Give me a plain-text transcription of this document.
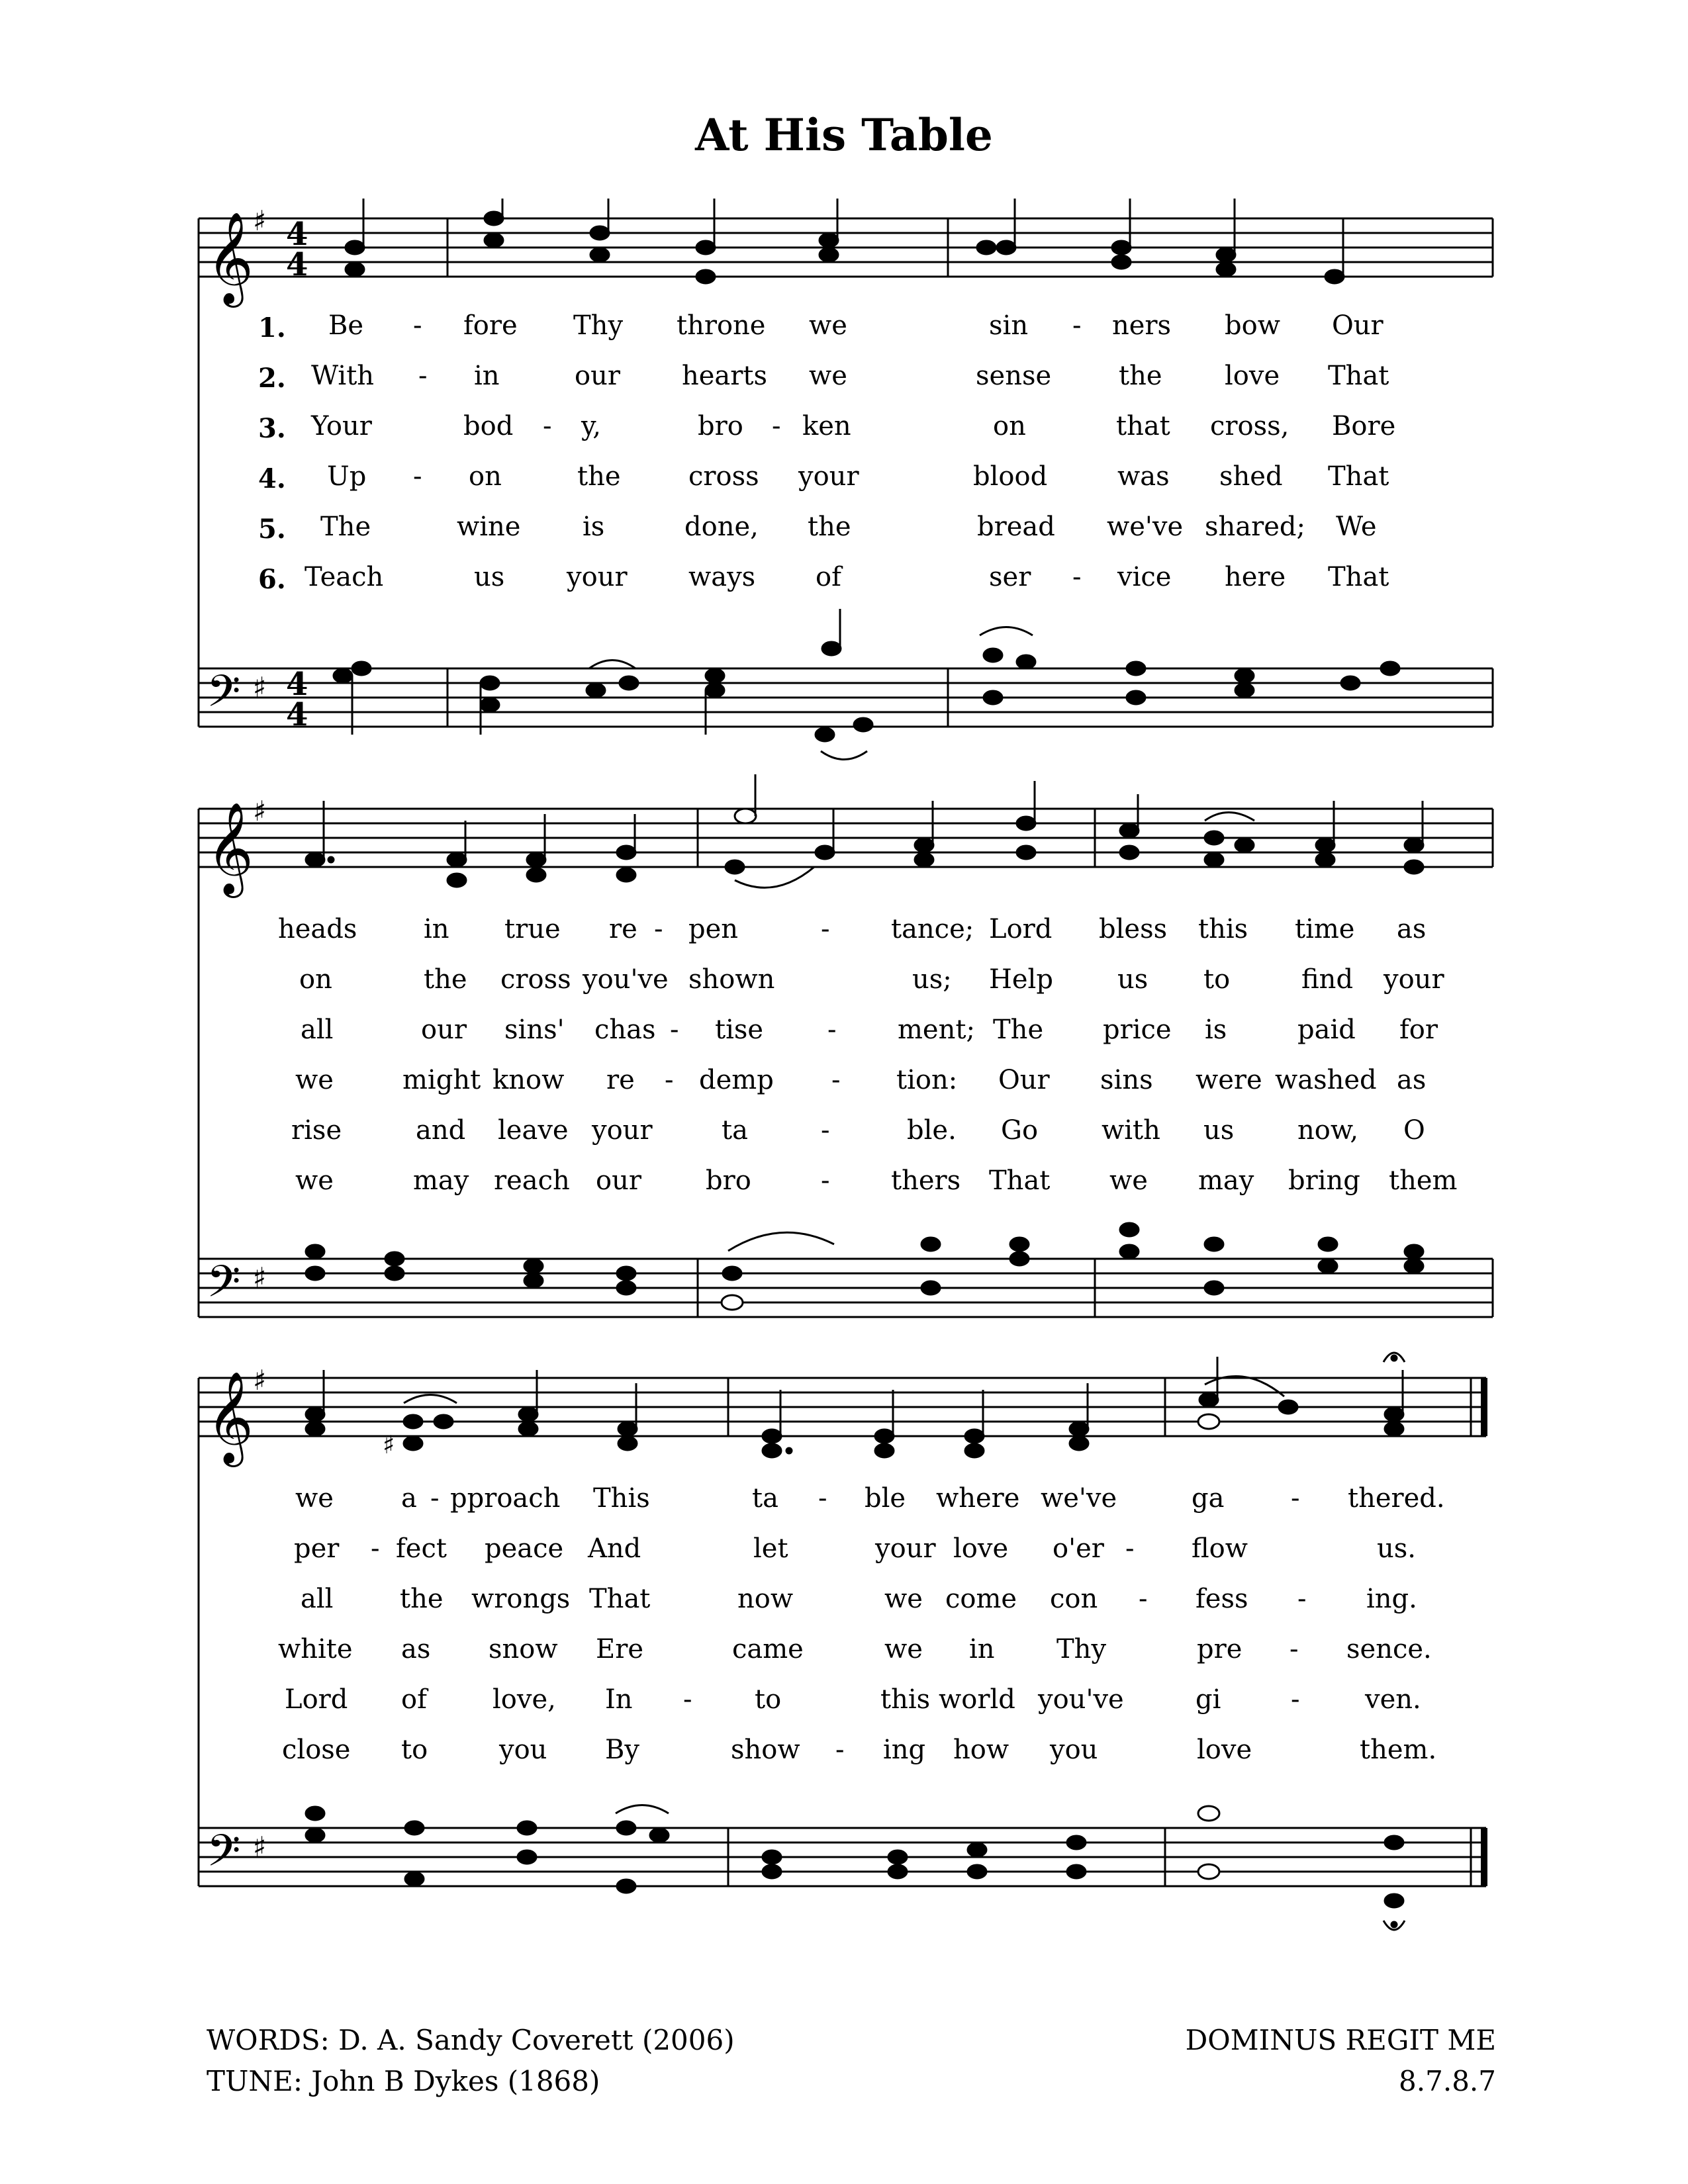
At His Table
𝄞
𝄢
♯
♯
4
4
4
4
1.
2.
3.
4.
5.
6.
Be - fore Thy throne we	sin - ners bow Our
With - in	our hearts we	sense	the love That
Your	bod - y,	bro - ken	on	that cross, Bore
Up - on	the	cross your	blood	was shed That
The	wine is	done, the	bread we've shared; We
Teach	us your ways of	ser - vice here That
𝄞
𝄢
♯
♯
heads	in true re - pen	- tance; Lord bless this time as
on	the cross you've shown	us; Help us to	find your
all	our sins' chas - tise - ment; The price is	paid for
we	might know re - demp - tion: Our sins were washed as
rise	and leave your	ta	-	ble. Go with us now, O
we	may reach our bro	- thers That we may bring them
𝄞
𝄢
♯
♯
♯
we	a - pproach This	ta - ble where we've	ga	- thered.
per - fect peace And	let	your love o'er - flow	us.
all	the wrongs That	now	we come con - fess - ing.
white as snow Ere	came	we in Thy	pre - sence.
Lord of love, In - to	this world you've	gi	- ven.
close to	you By	show - ing how you	love	them.
WORDS: D. A. Sandy Coverett (2006)
TUNE: John B Dykes (1868)
DOMINUS REGIT ME
8.7.8.7
